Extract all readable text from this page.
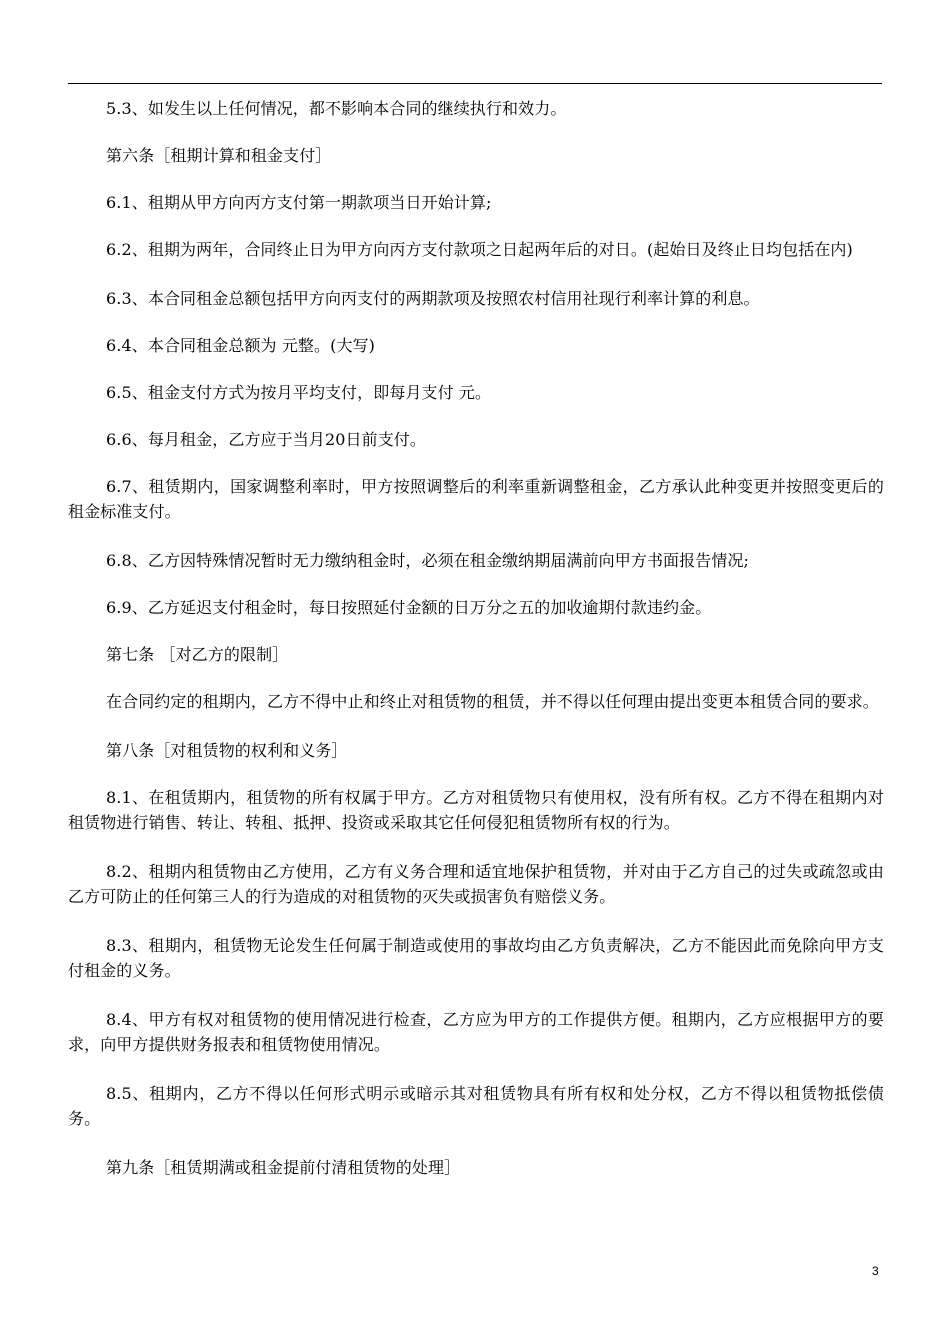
5.3、如发生以上任何情况，都不影响本合同的继续执行和效力。

第六条［租期计算和租金支付］

6.1、租期从甲方向丙方支付第一期款项当日开始计算;

6.2、租期为两年，合同终止日为甲方向丙方支付款项之日起两年后的对日。(起始日及终止日均包括在内)

6.3、本合同租金总额包括甲方向丙支付的两期款项及按照农村信用社现行利率计算的利息。

6.4、本合同租金总额为 元整。(大写)

6.5、租金支付方式为按月平均支付，即每月支付 元。

6.6、每月租金，乙方应于当月20日前支付。

6.7、租赁期内，国家调整利率时，甲方按照调整后的利率重新调整租金，乙方承认此种变更并按照变更后的租金标准支付。

6.8、乙方因特殊情况暂时无力缴纳租金时，必须在租金缴纳期届满前向甲方书面报告情况;

6.9、乙方延迟支付租金时，每日按照延付金额的日万分之五的加收逾期付款违约金。

第七条 ［对乙方的限制］

在合同约定的租期内，乙方不得中止和终止对租赁物的租赁，并不得以任何理由提出变更本租赁合同的要求。

第八条［对租赁物的权利和义务］

8.1、在租赁期内，租赁物的所有权属于甲方。乙方对租赁物只有使用权，没有所有权。乙方不得在租期内对租赁物进行销售、转让、转租、抵押、投资或采取其它任何侵犯租赁物所有权的行为。

8.2、租期内租赁物由乙方使用，乙方有义务合理和适宜地保护租赁物，并对由于乙方自己的过失或疏忽或由乙方可防止的任何第三人的行为造成的对租赁物的灭失或损害负有赔偿义务。

8.3、租期内，租赁物无论发生任何属于制造或使用的事故均由乙方负责解决，乙方不能因此而免除向甲方支付租金的义务。

8.4、甲方有权对租赁物的使用情况进行检查，乙方应为甲方的工作提供方便。租期内，乙方应根据甲方的要求，向甲方提供财务报表和租赁物使用情况。

8.5、租期内，乙方不得以任何形式明示或暗示其对租赁物具有所有权和处分权，乙方不得以租赁物抵偿债务。

第九条［租赁期满或租金提前付清租赁物的处理］

3
